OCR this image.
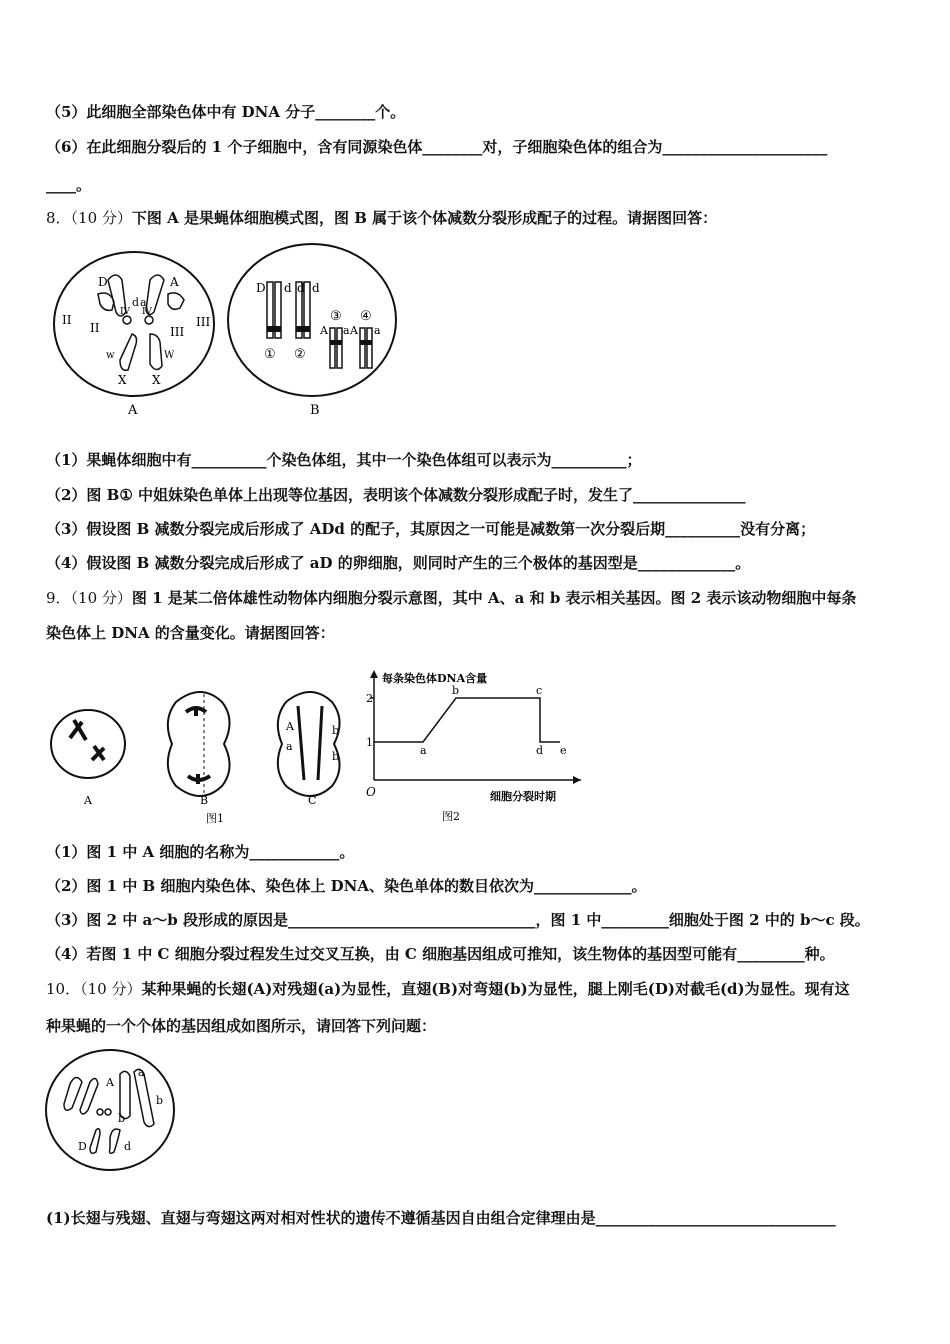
（5）此细胞全部染色体中有 DNA 分子________个。
（6）在此细胞分裂后的 1 个子细胞中，含有同源染色体________对，子细胞染色体的组合为______________________
____。
8．（10 分）下图 A 是果蝇体细胞模式图，图 B 属于该个体减数分裂形成配子的过程。请据图回答：
D
d a
A
II
II
IV IV
III
III
w	W
X X
A
D d d d
① ②
③ ④
A a A a
B
（1）果蝇体细胞中有__________个染色体组，其中一个染色体组可以表示为__________；
（2）图 B① 中姐妹染色单体上出现等位基因，表明该个体减数分裂形成配子时，发生了_______________
（3）假设图 B 减数分裂完成后形成了 ADd 的配子，其原因之一可能是减数第一次分裂后期__________没有分离；
（4）假设图 B 减数分裂完成后形成了 aD 的卵细胞，则同时产生的三个极体的基因型是_____________。
9．（10 分）图 1 是某二倍体雄性动物体内细胞分裂示意图，其中 A、a 和 b 表示相关基因。图 2 表示该动物细胞中每条
染色体上 DNA 的含量变化。请据图回答：
A	B	C
A
a
b
b
图1
每条染色体DNA含量
2
1
O
a
b	c
d e
细胞分裂时期
图2
（1）图 1 中 A 细胞的名称为____________。
（2）图 1 中 B 细胞内染色体、染色体上 DNA、染色单体的数目依次为_____________。
（3）图 2 中 a～b 段形成的原因是_________________________________，图 1 中_________细胞处于图 2 中的 b～c 段。
（4）若图 1 中 C 细胞分裂过程发生过交叉互换，由 C 细胞基因组成可推知，该生物体的基因型可能有_________种。
10．（10 分）某种果蝇的长翅(A)对残翅(a)为显性，直翅(B)对弯翅(b)为显性，腿上刚毛(D)对截毛(d)为显性。现有这
种果蝇的一个个体的基因组成如图所示，请回答下列问题：
A
a
b
b
D	d
(1)长翅与残翅、直翅与弯翅这两对相对性状的遗传不遵循基因自由组合定律理由是________________________________
